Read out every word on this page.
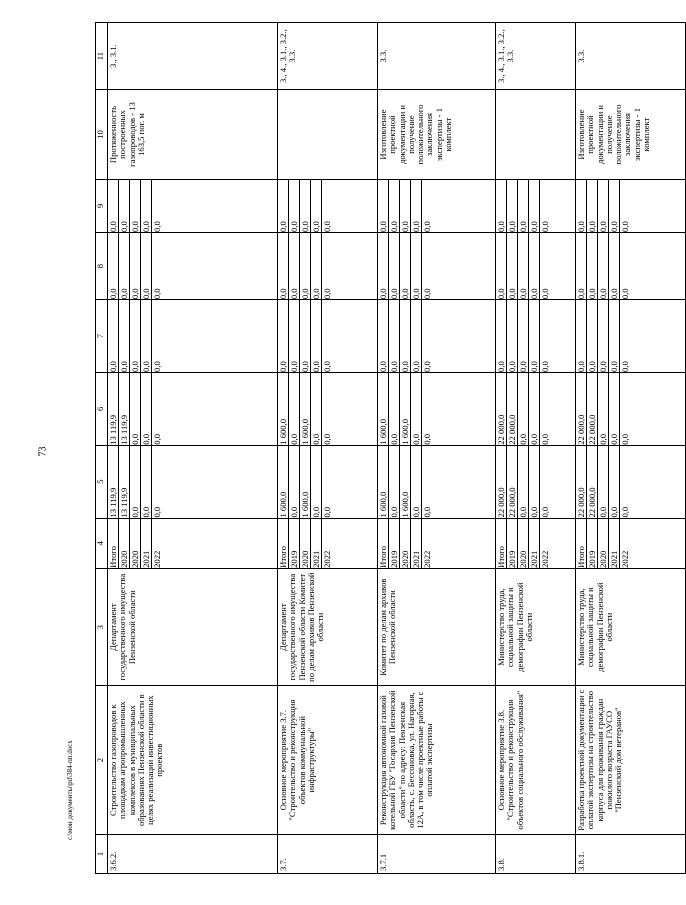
73
c:\мои документы\рd\384-пп.docx
1	2	3	4	5	6	7	8	9	10	11
3.6.2.	Строительство газопроводов к площадкам агропромышленных комплексов в муниципальных образованиях Пензенской области в целях реализации инвестиционных проектов	Департамент государственного имущества Пензенской области	Итого 2020 2020 2021 2022	13 119,9 13 119,9 0,0 0,0 0,0	13 119,9 13 119,9 0,0 0,0 0,0	0,0 0,0 0,0 0,0 0,0	0,0 0,0 0,0 0,0 0,0	0,0 0,0 0,0 0,0 0,0	Протяженность построенных газопроводов - 13 163,5 пог. м	3., 3.1.
3.7.	Основное мероприятие 3.7. "Строительство и реконструкция объектов коммунальной инфраструктуры"	Департамент государственного имущества Пензенской области Комитет по делам архивов Пензенской области	Итого 2019 2020 2021 2022	1 600,0 0,0 1 600,0 0,0 0,0	1 600,0 0,0 1 600,0 0,0 0,0	0,0 0,0 0,0 0,0 0,0	0,0 0,0 0,0 0,0 0,0	0,0 0,0 0,0 0,0 0,0		3., 4., 3.1., 3.2., 3.3.
3.7.1	Реконструкция автономной газовой котельной ГБУ "Госархив Пензенской области" по адресу: Пензенская область, с. Бессоновка, ул. Нагорная, 12А, в том числе проектные работы с оплатой экспертизы	Комитет по делам архивов Пензенской области	Итого 2019 2020 2021 2022	1 600,0 0,0 1 600,0 0,0 0,0	1 600,0 0,0 1 600,0 0,0 0,0	0,0 0,0 0,0 0,0 0,0	0,0 0,0 0,0 0,0 0,0	0,0 0,0 0,0 0,0 0,0	Изготовление проектной документации и получение положительного заключения экспертизы - 1 комплект	3.3.
3.8.	Основное мероприятие 3.8. "Строительство и реконструкция объектов социального обслуживания"	Министерство труда, социальной защиты и демографии Пензенской области	Итого 2019 2020 2021 2022	22 000,0 22 000,0 0,0 0,0 0,0	22 000,0 22 000,0 0,0 0,0 0,0	0,0 0,0 0,0 0,0 0,0	0,0 0,0 0,0 0,0 0,0	0,0 0,0 0,0 0,0 0,0		3., 4., 3.1., 3.2., 3.3.
3.8.1.	Разработка проектной документации с оплатой экспертизы на строительство корпуса для проживания граждан пожилого возраста ГАУСО "Пензенский дом ветеранов"	Министерство труда, социальной защиты и демографии Пензенской области	Итого 2019 2020 2021 2022	22 000,0 22 000,0 0,0 0,0 0,0	22 000,0 22 000,0 0,0 0,0 0,0	0,0 0,0 0,0 0,0 0,0	0,0 0,0 0,0 0,0 0,0	0,0 0,0 0,0 0,0 0,0	Изготовление проектной документации и получение положительного заключения экспертизы - 1 комплект	3.3.
